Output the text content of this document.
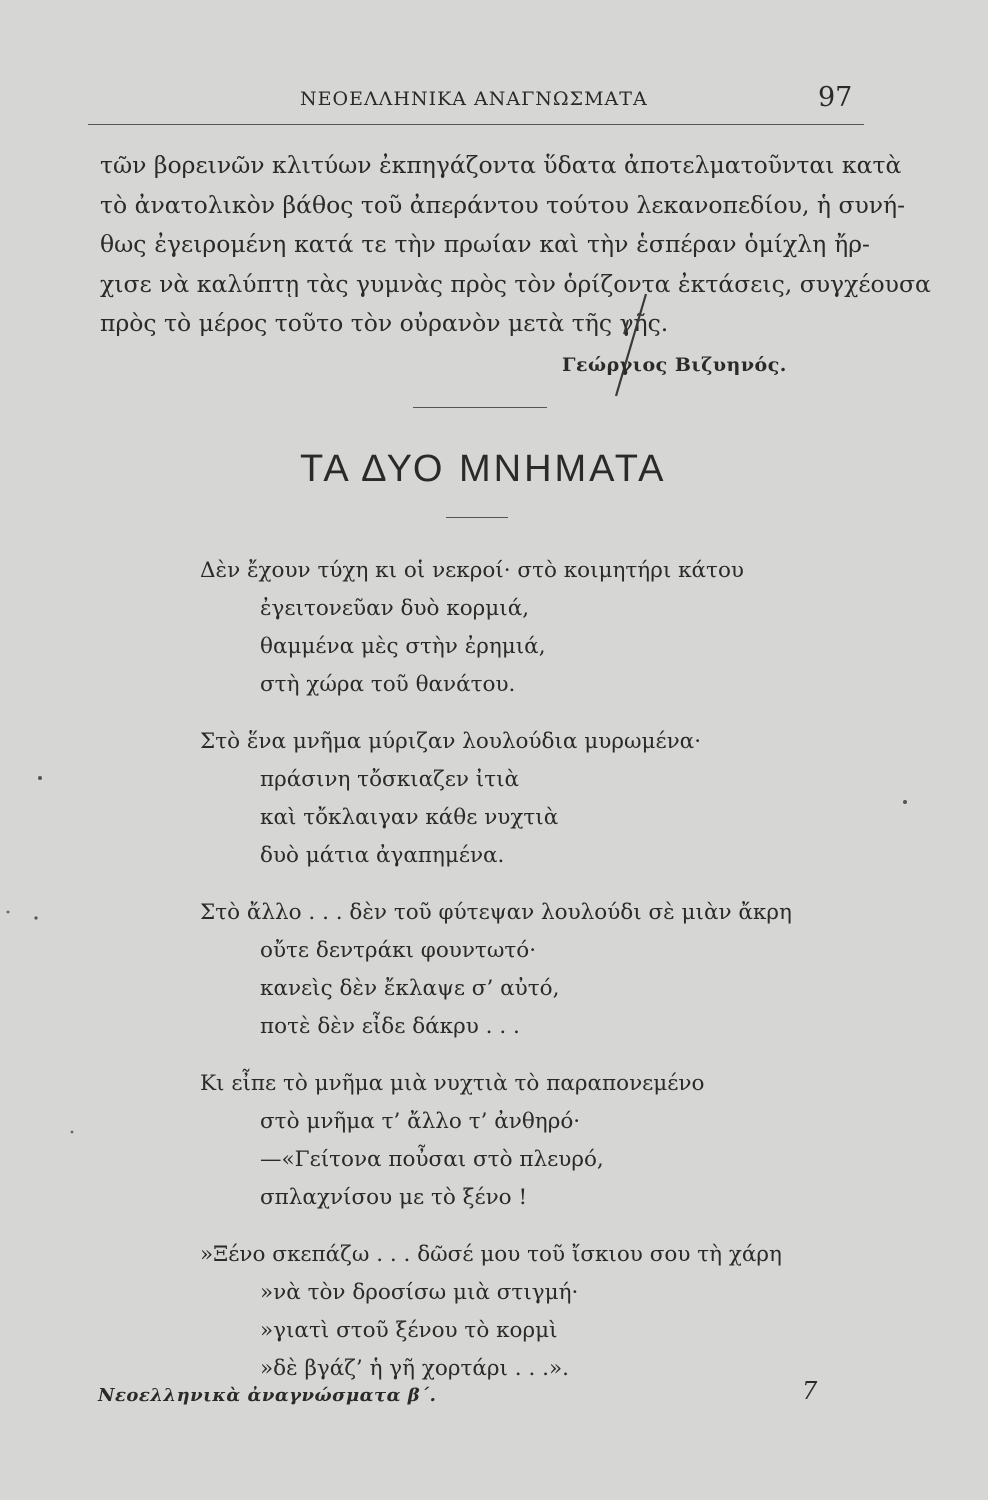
ΝΕΟΕΛΛΗΝΙΚΑ ΑΝΑΓΝΩΣΜΑΤΑ	97
τῶν βορεινῶν κλιτύων ἐκπηγάζοντα ὕδατα ἀποτελματοῦνται κατὰ
τὸ ἀνατολικὸν βάθος τοῦ ἀπεράντου τούτου λεκανοπεδίου, ἡ συνή-
θως ἐγειρομένη κατά τε τὴν πρωίαν καὶ τὴν ἑσπέραν ὁμίχλη ἤρ-
χισε νὰ καλύπτῃ τὰς γυμνὰς πρὸς τὸν ὁρίζοντα ἐκτάσεις, συγχέουσα
πρὸς τὸ μέρος τοῦτο τὸν οὐρανὸν μετὰ τῆς γῆς.
Γεώργιος Βιζυηνός.
ΤΑ ΔΥΟ ΜΝΗΜΑΤΑ
Δὲν ἔχουν τύχη κι οἱ νεκροί· στὸ κοιμητήρι κάτου
ἐγειτονεῦαν δυὸ κορμιά,
θαμμένα μὲς στὴν ἐρημιά,
στὴ χώρα τοῦ θανάτου.
Στὸ ἕνα μνῆμα μύριζαν λουλούδια μυρωμένα·
πράσινη τὄσκιαζεν ἰτιὰ
καὶ τὄκλαιγαν κάθε νυχτιὰ
δυὸ μάτια ἀγαπημένα.
Στὸ ἄλλο . . . δὲν τοῦ φύτεψαν λουλούδι σὲ μιὰν ἄκρη
οὔτε δεντράκι φουντωτό·
κανεὶς δὲν ἔκλαψε σ’ αὐτό,
ποτὲ δὲν εἶδε δάκρυ . . .
Κι εἶπε τὸ μνῆμα μιὰ νυχτιὰ τὸ παραπονεμένο
στὸ μνῆμα τ’ ἄλλο τ’ ἀνθηρό·
—«Γείτονα ποὖσαι στὸ πλευρό,
σπλαχνίσου με τὸ ξένο !
»Ξένο σκεπάζω . . . δῶσέ μου τοῦ ἴσκιου σου τὴ χάρη
»νὰ τὸν δροσίσω μιὰ στιγμή·
»γιατὶ στοῦ ξένου τὸ κορμὶ
»δὲ βγάζ’ ἡ γῆ χορτάρι . . .».
Νεοελληνικὰ ἀναγνώσματα β΄.	7
